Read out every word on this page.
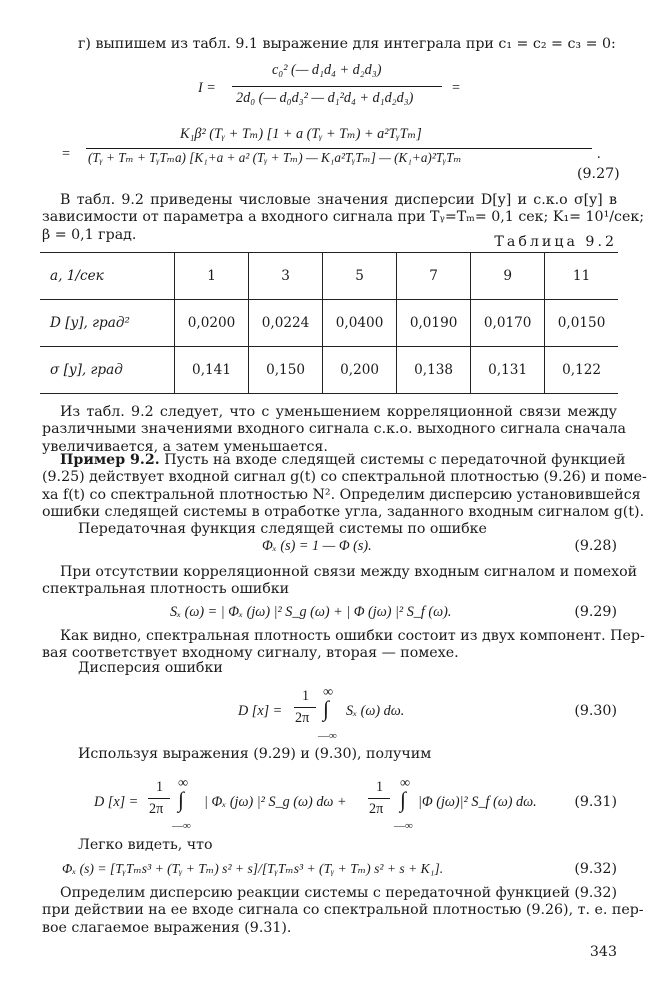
г) выпишем из табл. 9.1 выражение для интеграла при c₁ = c₂ = c₃ = 0:
I =
c₀² (— d₁d₄ + d₂d₃)
2d₀ (— d₀d₃² — d₁²d₄ + d₁d₂d₃)
=
=
K₁β² (Tᵧ + Tₘ) [1 + a (Tᵧ + Tₘ) + a²TᵧTₘ]
(Tᵧ + Tₘ + TᵧTₘa) [K₁+a + a² (Tᵧ + Tₘ) — K₁a²TᵧTₘ] — (K₁+a)²TᵧTₘ	.
(9.27)
В табл. 9.2 приведены числовые значения дисперсии D[y] и с.к.о σ[y] в
зависимости от параметра a входного сигнала при Tᵧ=Tₘ= 0,1 сек; K₁= 10¹/сек;
β = 0,1 град.	Таблица 9.2
a, 1/сек	1	3	5	7	9	11
D [y], град²	0,0200	0,0224	0,0400	0,0190	0,0170	0,0150
σ [y], град	0,141	0,150	0,200	0,138	0,131	0,122
Из табл. 9.2 следует, что с уменьшением корреляционной связи между
различными значениями входного сигнала с.к.о. выходного сигнала сначала
увеличивается, а затем уменьшается.
Пример 9.2. Пусть на входе следящей системы с передаточной функцией
(9.25) действует входной сигнал g(t) со спектральной плотностью (9.26) и поме-
ха f(t) со спектральной плотностью N². Определим дисперсию установившейся
ошибки следящей системы в отработке угла, заданного входным сигналом g(t).
Передаточная функция следящей системы по ошибке
Φₓ (s) = 1 — Φ (s).	(9.28)
При отсутствии корреляционной связи между входным сигналом и помехой
спектральная плотность ошибки
Sₓ (ω) = | Φₓ (jω) |² S_g (ω) + | Φ (jω) |² S_f (ω).	(9.29)
Как видно, спектральная плотность ошибки состоит из двух компонент. Пер-
вая соответствует входному сигналу, вторая — помехе.
Дисперсия ошибки
D [x] =
1
2π
∞
∫
—∞
Sₓ (ω) dω.	(9.30)
Используя выражения (9.29) и (9.30), получим
D [x] =
1
2π
∞
∫
—∞
| Φₓ (jω) |² S_g (ω) dω +
1
2π
∞
∫
—∞
|Φ (jω)|² S_f (ω) dω.	(9.31)
Легко видеть, что
Φₓ (s) = [TᵧTₘs³ + (Tᵧ + Tₘ) s² + s]/[TᵧTₘs³ + (Tᵧ + Tₘ) s² + s + K₁].	(9.32)
Определим дисперсию реакции системы с передаточной функцией (9.32)
при действии на ее входе сигнала со спектральной плотностью (9.26), т. е. пер-
вое слагаемое выражения (9.31).
343
